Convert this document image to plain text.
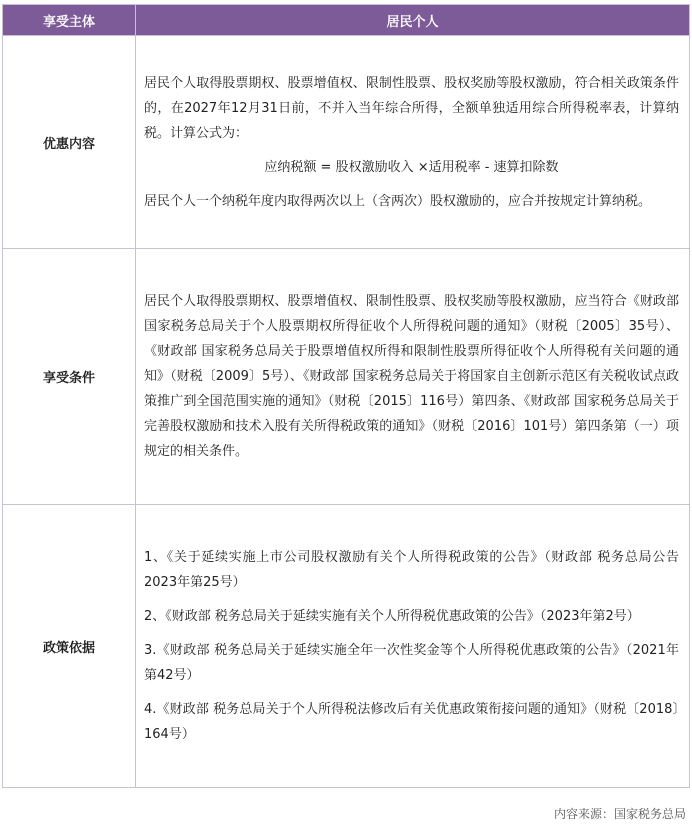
享受主体	居民个人
优惠内容	居民个人取得股票期权、股票增值权、限制性股票、股权奖励等股权激励，符合相关政策条件的，在2027年12月31日前，不并入当年综合所得，全额单独适用综合所得税率表，计算纳税。计算公式为：

应纳税额 = 股权激励收入 ×适用税率 - 速算扣除数

居民个人一个纳税年度内取得两次以上（含两次）股权激励的，应合并按规定计算纳税。

享受条件	居民个人取得股票期权、股票增值权、限制性股票、股权奖励等股权激励，应当符合《财政部 国家税务总局关于个人股票期权所得征收个人所得税问题的通知》（财税〔2005〕35号）、《财政部 国家税务总局关于股票增值权所得和限制性股票所得征收个人所得税有关问题的通知》（财税〔2009〕5号）、《财政部 国家税务总局关于将国家自主创新示范区有关税收试点政策推广到全国范围实施的通知》（财税〔2015〕116号）第四条、《财政部 国家税务总局关于完善股权激励和技术入股有关所得税政策的通知》（财税〔2016〕101号）第四条第（一）项规定的相关条件。

政策依据	1、《关于延续实施上市公司股权激励有关个人所得税政策的公告》（财政部 税务总局公告2023年第25号）

2、《财政部 税务总局关于延续实施有关个人所得税优惠政策的公告》（2023年第2号）

3.《财政部 税务总局关于延续实施全年一次性奖金等个人所得税优惠政策的公告》（2021年第42号）

4.《财政部 税务总局关于个人所得税法修改后有关优惠政策衔接问题的通知》（财税〔2018〕164号）

内容来源：国家税务总局
